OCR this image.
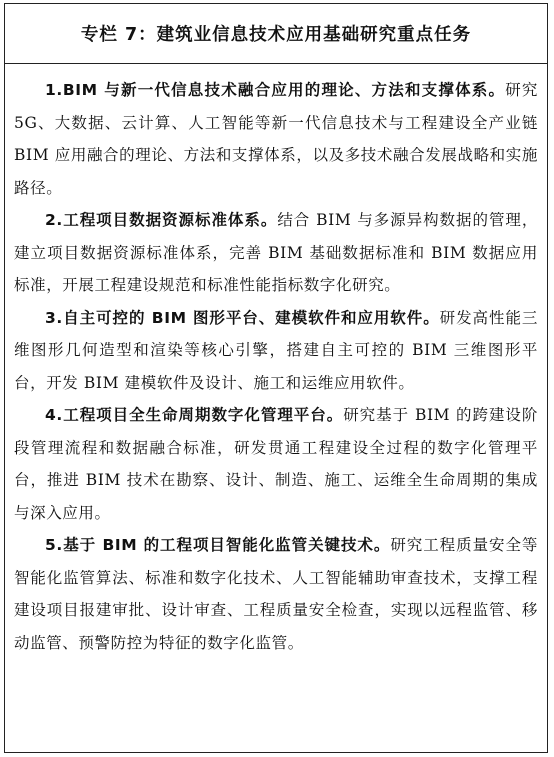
专栏 7：建筑业信息技术应用基础研究重点任务

1.BIM 与新一代信息技术融合应用的理论、方法和支撑体系。研究 5G、大数据、云计算、人工智能等新一代信息技术与工程建设全产业链 BIM 应用融合的理论、方法和支撑体系，以及多技术融合发展战略和实施路径。

2.工程项目数据资源标准体系。结合 BIM 与多源异构数据的管理，建立项目数据资源标准体系，完善 BIM 基础数据标准和 BIM 数据应用标准，开展工程建设规范和标准性能指标数字化研究。

3.自主可控的 BIM 图形平台、建模软件和应用软件。研发高性能三维图形几何造型和渲染等核心引擎，搭建自主可控的 BIM 三维图形平台，开发 BIM 建模软件及设计、施工和运维应用软件。

4.工程项目全生命周期数字化管理平台。研究基于 BIM 的跨建设阶段管理流程和数据融合标准，研发贯通工程建设全过程的数字化管理平台，推进 BIM 技术在勘察、设计、制造、施工、运维全生命周期的集成与深入应用。

5.基于 BIM 的工程项目智能化监管关键技术。研究工程质量安全等智能化监管算法、标准和数字化技术、人工智能辅助审查技术，支撑工程建设项目报建审批、设计审查、工程质量安全检查，实现以远程监管、移动监管、预警防控为特征的数字化监管。
